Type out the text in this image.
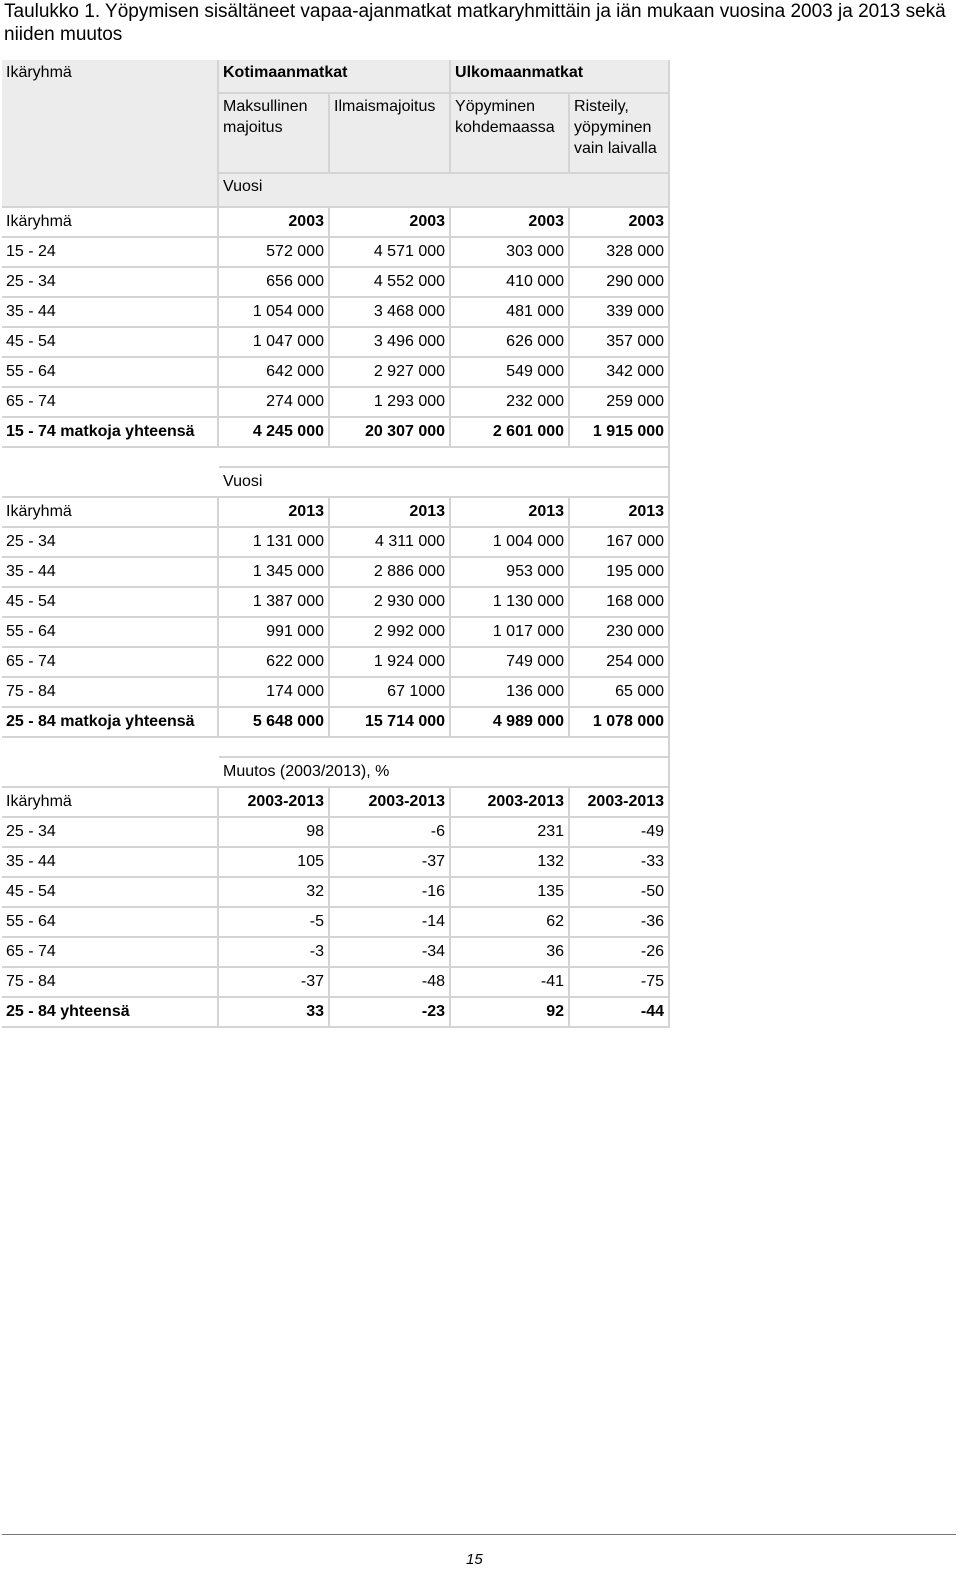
Taulukko 1. Yöpymisen sisältäneet vapaa-ajanmatkat matkaryhmittäin ja iän mukaan vuosina 2003 ja 2013 sekä niiden muutos
Ikäryhmä	Kotimaanmatkat		Ulkomaanmatkat	
	Maksullinen majoitus	Ilmaismajoitus	Yöpyminen kohdemaassa	Risteily, yöpyminen vain laivalla
	Vuosi			
Ikäryhmä	2003	2003	2003	2003
15 - 24	572 000	4 571 000	303 000	328 000
25 - 34	656 000	4 552 000	410 000	290 000
35 - 44	1 054 000	3 468 000	481 000	339 000
45 - 54	1 047 000	3 496 000	626 000	357 000
55 - 64	642 000	2 927 000	549 000	342 000
65 - 74	274 000	1 293 000	232 000	259 000
15 - 74 matkoja yhteensä	4 245 000	20 307 000	2 601 000	1 915 000

	Vuosi			
Ikäryhmä	2013	2013	2013	2013
25 - 34	1 131 000	4 311 000	1 004 000	167 000
35 - 44	1 345 000	2 886 000	953 000	195 000
45 - 54	1 387 000	2 930 000	1 130 000	168 000
55 - 64	991 000	2 992 000	1 017 000	230 000
65 - 74	622 000	1 924 000	749 000	254 000
75 - 84	174 000	67 1000	136 000	65 000
25 - 84 matkoja yhteensä	5 648 000	15 714 000	4 989 000	1 078 000

	Muutos (2003/2013), %			
Ikäryhmä	2003-2013	2003-2013	2003-2013	2003-2013
25 - 34	98	-6	231	-49
35 - 44	105	-37	132	-33
45 - 54	32	-16	135	-50
55 - 64	-5	-14	62	-36
65 - 74	-3	-34	36	-26
75 - 84	-37	-48	-41	-75
25 - 84 yhteensä	33	-23	92	-44
15
